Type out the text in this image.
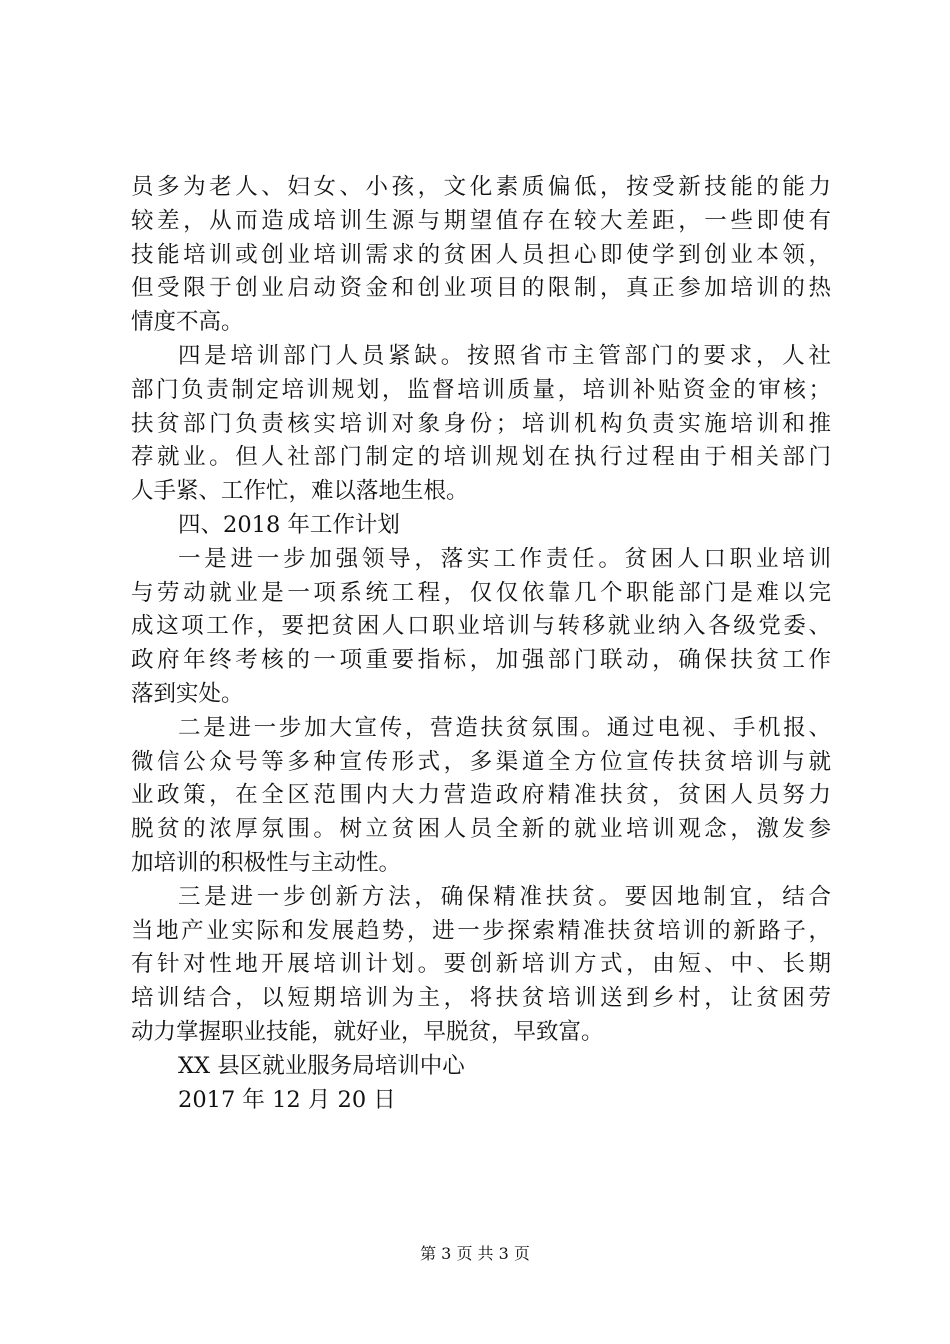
员多为老人、妇女、小孩，文化素质偏低，按受新技能的能力
较差，从而造成培训生源与期望值存在较大差距，一些即使有
技能培训或创业培训需求的贫困人员担心即使学到创业本领，
但受限于创业启动资金和创业项目的限制，真正参加培训的热
情度不高。
四是培训部门人员紧缺。按照省市主管部门的要求，人社
部门负责制定培训规划，监督培训质量，培训补贴资金的审核；
扶贫部门负责核实培训对象身份；培训机构负责实施培训和推
荐就业。但人社部门制定的培训规划在执行过程由于相关部门
人手紧、工作忙，难以落地生根。
四、2018 年工作计划
一是进一步加强领导，落实工作责任。贫困人口职业培训
与劳动就业是一项系统工程，仅仅依靠几个职能部门是难以完
成这项工作，要把贫困人口职业培训与转移就业纳入各级党委、
政府年终考核的一项重要指标，加强部门联动，确保扶贫工作
落到实处。
二是进一步加大宣传，营造扶贫氛围。通过电视、手机报、
微信公众号等多种宣传形式，多渠道全方位宣传扶贫培训与就
业政策，在全区范围内大力营造政府精准扶贫，贫困人员努力
脱贫的浓厚氛围。树立贫困人员全新的就业培训观念，激发参
加培训的积极性与主动性。
三是进一步创新方法，确保精准扶贫。要因地制宜，结合
当地产业实际和发展趋势，进一步探索精准扶贫培训的新路子，
有针对性地开展培训计划。要创新培训方式，由短、中、长期
培训结合，以短期培训为主，将扶贫培训送到乡村，让贫困劳
动力掌握职业技能，就好业，早脱贫，早致富。
XX 县区就业服务局培训中心
2017 年 12 月 20 日
第 3 页 共 3 页
